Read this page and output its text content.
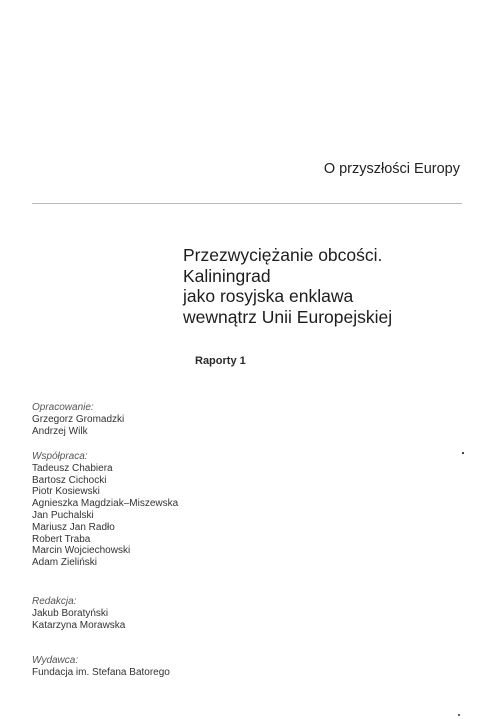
O przyszłości Europy
Przezwyciężanie obcości.
Kaliningrad
jako rosyjska enklawa
wewnątrz Unii Europejskiej
Raporty 1
Opracowanie:
Grzegorz Gromadzki
Andrzej Wilk
Współpraca:
Tadeusz Chabiera
Bartosz Cichocki
Piotr Kosiewski
Agnieszka Magdziak–Miszewska
Jan Puchalski
Mariusz Jan Radło
Robert Traba
Marcin Wojciechowski
Adam Zieliński
Redakcja:
Jakub Boratyński
Katarzyna Morawska
Wydawca:
Fundacja im. Stefana Batorego
